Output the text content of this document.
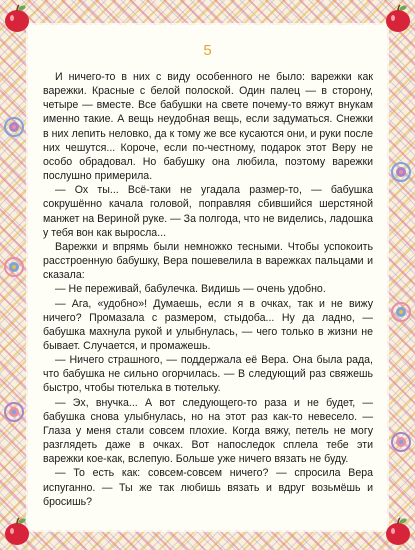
5

И ничего-то в них с виду особенного не было: варежки как варежки. Красные с белой полоской. Один палец — в сторону, четыре — вместе. Все бабушки на свете почему-то вяжут внукам именно такие. А вещь неудобная вещь, если задуматься. Снежки в них лепить неловко, да к тому же все кусаются они, и руки после них чешутся... Короче, если по-честному, подарок этот Веру не особо обрадовал. Но бабушку она любила, поэтому варежки послушно примерила.

— Ох ты... Всё-таки не угадала размер-то, — бабушка сокрушённо качала головой, поправляя сбившийся шерстяной манжет на Вериной руке. — За полгода, что не виделись, ладошка у тебя вон как выросла...

Варежки и впрямь были немножко тесными. Чтобы успокоить расстроенную бабушку, Вера пошевелила в варежках пальцами и сказала:

— Не переживай, бабулечка. Видишь — очень удобно.

— Ага, «удобно»! Думаешь, если я в очках, так и не вижу ничего? Промазала с размером, стыдоба... Ну да ладно, — бабушка махнула рукой и улыбнулась, — чего только в жизни не бывает. Случается, и промажешь.

— Ничего страшного, — поддержала её Вера. Она была рада, что бабушка не сильно огорчилась. — В следующий раз свяжешь быстро, чтобы тютелька в тютельку.

— Эх, внучка... А вот следующего-то раза и не будет, — бабушка снова улыбнулась, но на этот раз как-то невесело. — Глаза у меня стали совсем плохие. Когда вяжу, петель не могу разглядеть даже в очках. Вот напоследок сплела тебе эти варежки кое-как, вслепую. Больше уже ничего вязать не буду.

— То есть как: совсем-совсем ничего? — спросила Вера испуганно. — Ты же так любишь вязать и вдруг возьмёшь и бросишь?
